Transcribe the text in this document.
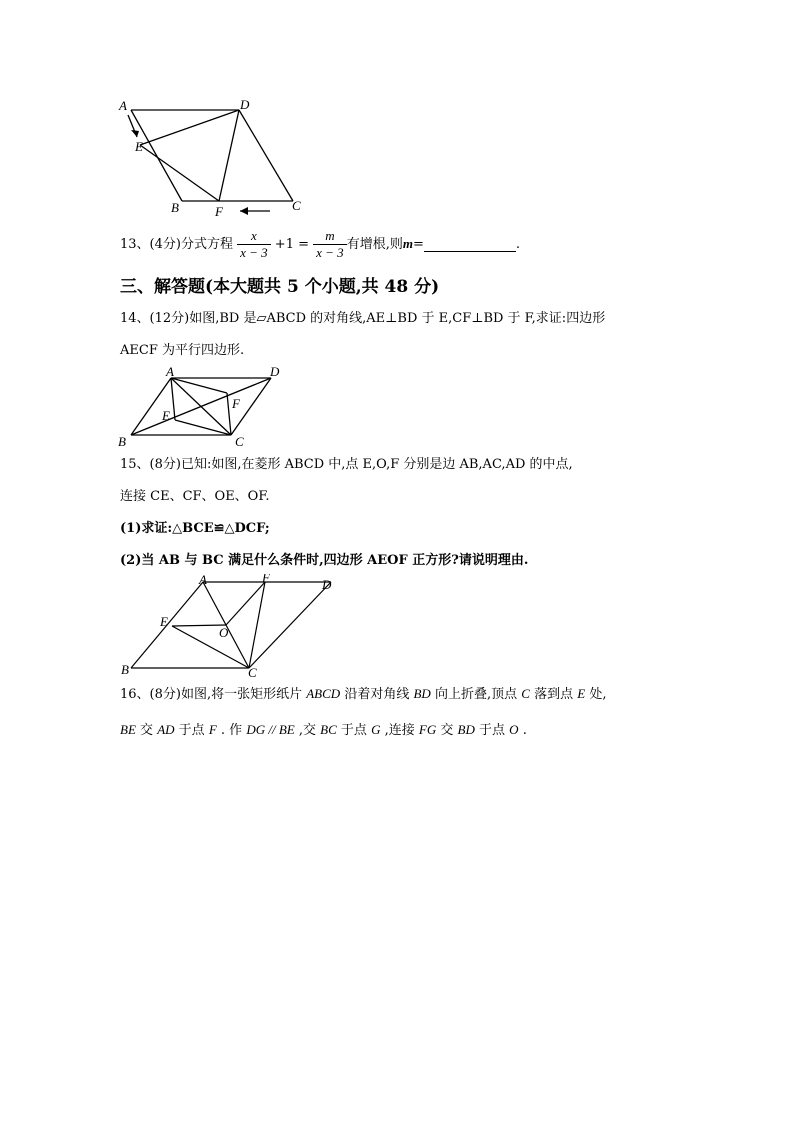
A	D
E
B	F	C
13、(4分)分式方程 $\frac{x}{x - 3} +1 = \frac{m}{x - 3}$ 有增根,则m=	.
三、解答题(本大题共 5 个小题,共 48 分)
14、(12分)如图,BD 是▱ABCD 的对角线,AE⊥BD 于 E,CF⊥BD 于 F,求证:四边形
AECF 为平行四边形.
A	D
E
F
B	C
15、(8分)已知:如图,在菱形 ABCD 中,点 E,O,F 分别是边 AB,AC,AD 的中点,
连接 CE、CF、OE、OF.
(1)求证:△BCE≌△DCF;
(2)当 AB 与 BC 满足什么条件时,四边形 AEOF 正方形?请说明理由.
A	F	D
E
O
B	C
16、(8分)如图,将一张矩形纸片 ABCD 沿着对角线 BD 向上折叠,顶点 C 落到点 E 处,
BE 交 AD 于点 F . 作 DG // BE ,交 BC 于点 G ,连接 FG 交 BD 于点 O .
